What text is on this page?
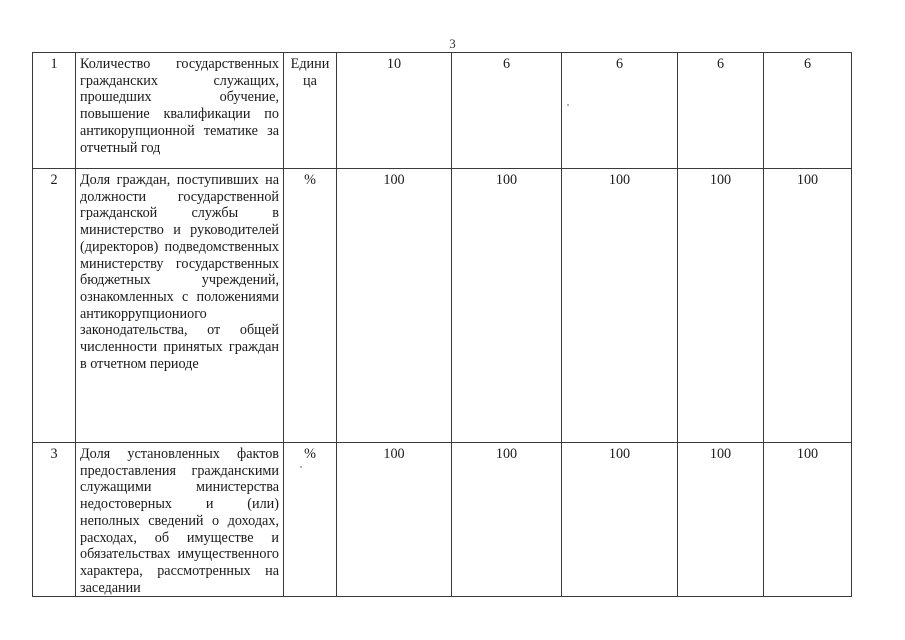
3
1	Количество государственных гражданских служащих, прошедших обучение, повышение квалификации по антикорупционной тематике за отчетный год	Едини ца	10	6	6	6	6
2	Доля граждан, поступивших на должности государственной гражданской службы в министерство и руководителей (директоров) подведомственных министерству государственных бюджетных учреждений, ознакомленных с положениями антикоррупциониого законодательства, от общей численности принятых граждан в отчетном периоде	%	100	100	100	100	100
3	Доля установленных фактов предоставления гражданскими служащими министерства недостоверных и (или) неполных сведений о доходах, расходах, об имуществе и обязательствах имущественного характера, рассмотренных на заседании	%	100	100	100	100	100
